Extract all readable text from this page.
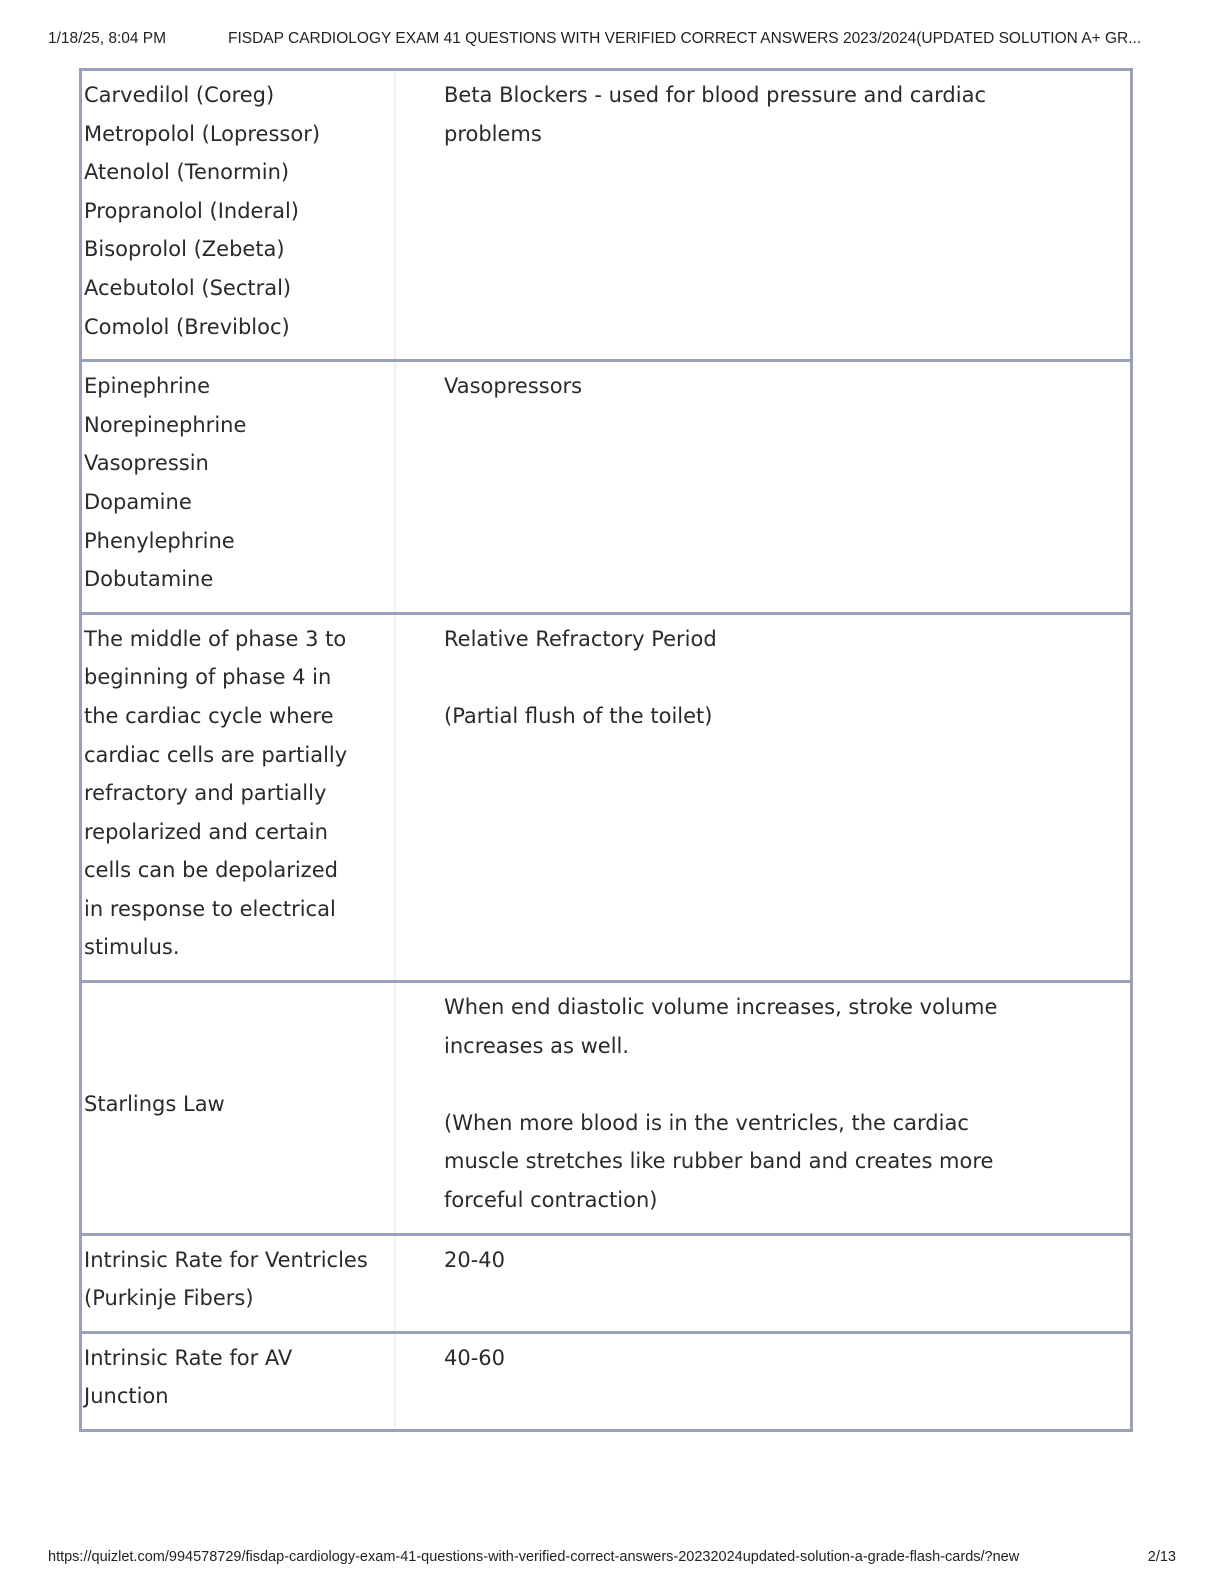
1/18/25, 8:04 PM	FISDAP CARDIOLOGY EXAM 41 QUESTIONS WITH VERIFIED CORRECT ANSWERS 2023/2024(UPDATED SOLUTION A+ GR...
Carvedilol (Coreg)
Metropolol (Lopressor)
Atenolol (Tenormin)
Propranolol (Inderal)
Bisoprolol (Zebeta)
Acebutolol (Sectral)
Comolol (Brevibloc)
Beta Blockers - used for blood pressure and cardiac
problems
Epinephrine
Norepinephrine
Vasopressin
Dopamine
Phenylephrine
Dobutamine
Vasopressors
The middle of phase 3 to
beginning of phase 4 in
the cardiac cycle where
cardiac cells are partially
refractory and partially
repolarized and certain
cells can be depolarized
in response to electrical
stimulus.
Relative Refractory Period
(Partial flush of the toilet)
Starlings Law
When end diastolic volume increases, stroke volume
increases as well.
(When more blood is in the ventricles, the cardiac
muscle stretches like rubber band and creates more
forceful contraction)
Intrinsic Rate for Ventricles
(Purkinje Fibers)
20-40
Intrinsic Rate for AV
Junction
40-60
https://quizlet.com/994578729/fisdap-cardiology-exam-41-questions-with-verified-correct-answers-20232024updated-solution-a-grade-flash-cards/?new	2/13
